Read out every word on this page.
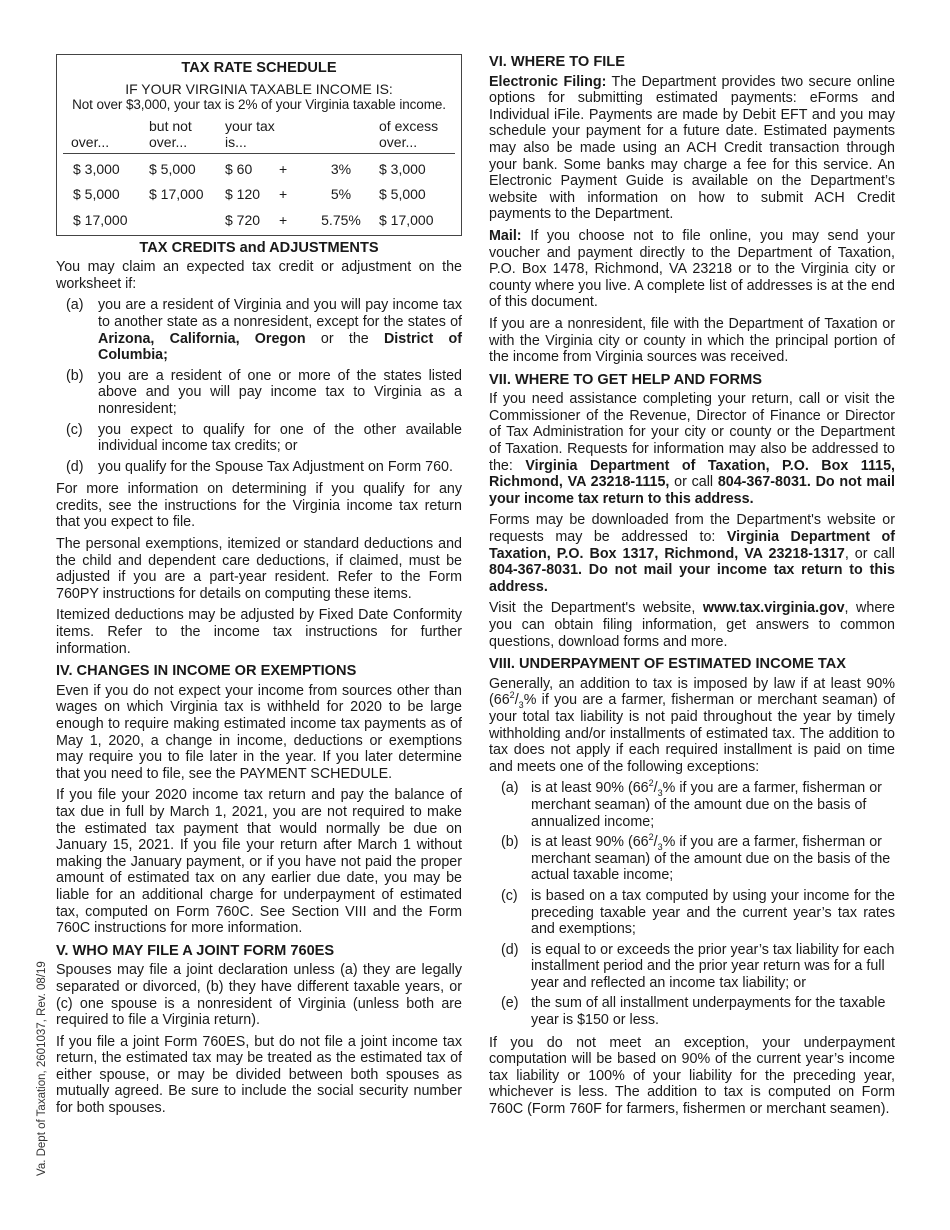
Va. Dept of Taxation, 2601037, Rev. 08/19
TAX RATE SCHEDULE
IF YOUR VIRGINIA TAXABLE INCOME IS:
Not over $3,000, your tax is 2% of your Virginia taxable income.
over...	but not over...	your tax is...			of excess over...
$ 3,000	$ 5,000	$ 60	+	3%	$ 3,000
$ 5,000	$ 17,000	$ 120	+	5%	$ 5,000
$ 17,000		$ 720	+	5.75%	$ 17,000
TAX CREDITS and ADJUSTMENTS

You may claim an expected tax credit or adjustment on the worksheet if:

(a) you are a resident of Virginia and you will pay income tax to another state as a nonresident, except for the states of Arizona, California, Oregon or the District of Columbia;
(b) you are a resident of one or more of the states listed above and you will pay income tax to Virginia as a nonresident;
(c) you expect to qualify for one of the other available individual income tax credits; or
(d) you qualify for the Spouse Tax Adjustment on Form 760.

For more information on determining if you qualify for any credits, see the instructions for the Virginia income tax return that you expect to file.

The personal exemptions, itemized or standard deductions and the child and dependent care deductions, if claimed, must be adjusted if you are a part-year resident. Refer to the Form 760PY instructions for details on computing these items.

Itemized deductions may be adjusted by Fixed Date Conformity items. Refer to the income tax instructions for further information.

IV. CHANGES IN INCOME OR EXEMPTIONS

Even if you do not expect your income from sources other than wages on which Virginia tax is withheld for 2020 to be large enough to require making estimated income tax payments as of May 1, 2020, a change in income, deductions or exemptions may require you to file later in the year. If you later determine that you need to file, see the PAYMENT SCHEDULE.

If you file your 2020 income tax return and pay the balance of tax due in full by March 1, 2021, you are not required to make the estimated tax payment that would normally be due on January 15, 2021. If you file your return after March 1 without making the January payment, or if you have not paid the proper amount of estimated tax on any earlier due date, you may be liable for an additional charge for underpayment of estimated tax, computed on Form 760C. See Section VIII and the Form 760C instructions for more information.

V. WHO MAY FILE A JOINT FORM 760ES

Spouses may file a joint declaration unless (a) they are legally separated or divorced, (b) they have different taxable years, or (c) one spouse is a nonresident of Virginia (unless both are required to file a Virginia return).

If you file a joint Form 760ES, but do not file a joint income tax return, the estimated tax may be treated as the estimated tax of either spouse, or may be divided between both spouses as mutually agreed. Be sure to include the social security number for both spouses.

VI. WHERE TO FILE

Electronic Filing: The Department provides two secure online options for submitting estimated payments: eForms and Individual iFile. Payments are made by Debit EFT and you may schedule your payment for a future date. Estimated payments may also be made using an ACH Credit transaction through your bank. Some banks may charge a fee for this service. An Electronic Payment Guide is available on the Department’s website with information on how to submit ACH Credit payments to the Department.

Mail: If you choose not to file online, you may send your voucher and payment directly to the Department of Taxation, P.O. Box 1478, Richmond, VA 23218 or to the Virginia city or county where you live. A complete list of addresses is at the end of this document.

If you are a nonresident, file with the Department of Taxation or with the Virginia city or county in which the principal portion of the income from Virginia sources was received.

VII. WHERE TO GET HELP AND FORMS

If you need assistance completing your return, call or visit the Commissioner of the Revenue, Director of Finance or Director of Tax Administration for your city or county or the Department of Taxation. Requests for information may also be addressed to the: Virginia Department of Taxation, P.O. Box 1115, Richmond, VA 23218-1115, or call 804-367-8031. Do not mail your income tax return to this address.

Forms may be downloaded from the Department's website or requests may be addressed to: Virginia Department of Taxation, P.O. Box 1317, Richmond, VA 23218-1317, or call 804-367-8031. Do not mail your income tax return to this address.

Visit the Department's website, www.tax.virginia.gov, where you can obtain filing information, get answers to common questions, download forms and more.

VIII. UNDERPAYMENT OF ESTIMATED INCOME TAX

Generally, an addition to tax is imposed by law if at least 90% ($66^2/_3\%$ if you are a farmer, fisherman or merchant seaman) of your total tax liability is not paid throughout the year by timely withholding and/or installments of estimated tax. The addition to tax does not apply if each required installment is paid on time and meets one of the following exceptions:

(a) is at least 90% ($66^2/_3\%$ if you are a farmer, fisherman or merchant seaman) of the amount due on the basis of annualized income;
(b) is at least 90% ($66^2/_3\%$ if you are a farmer, fisherman or merchant seaman) of the amount due on the basis of the actual taxable income;
(c) is based on a tax computed by using your income for the preceding taxable year and the current year’s tax rates and exemptions;
(d) is equal to or exceeds the prior year’s tax liability for each installment period and the prior year return was for a full year and reflected an income tax liability; or
(e) the sum of all installment underpayments for the taxable year is $150 or less.

If you do not meet an exception, your underpayment computation will be based on 90% of the current year’s income tax liability or 100% of your liability for the preceding year, whichever is less. The addition to tax is computed on Form 760C (Form 760F for farmers, fishermen or merchant seamen).
